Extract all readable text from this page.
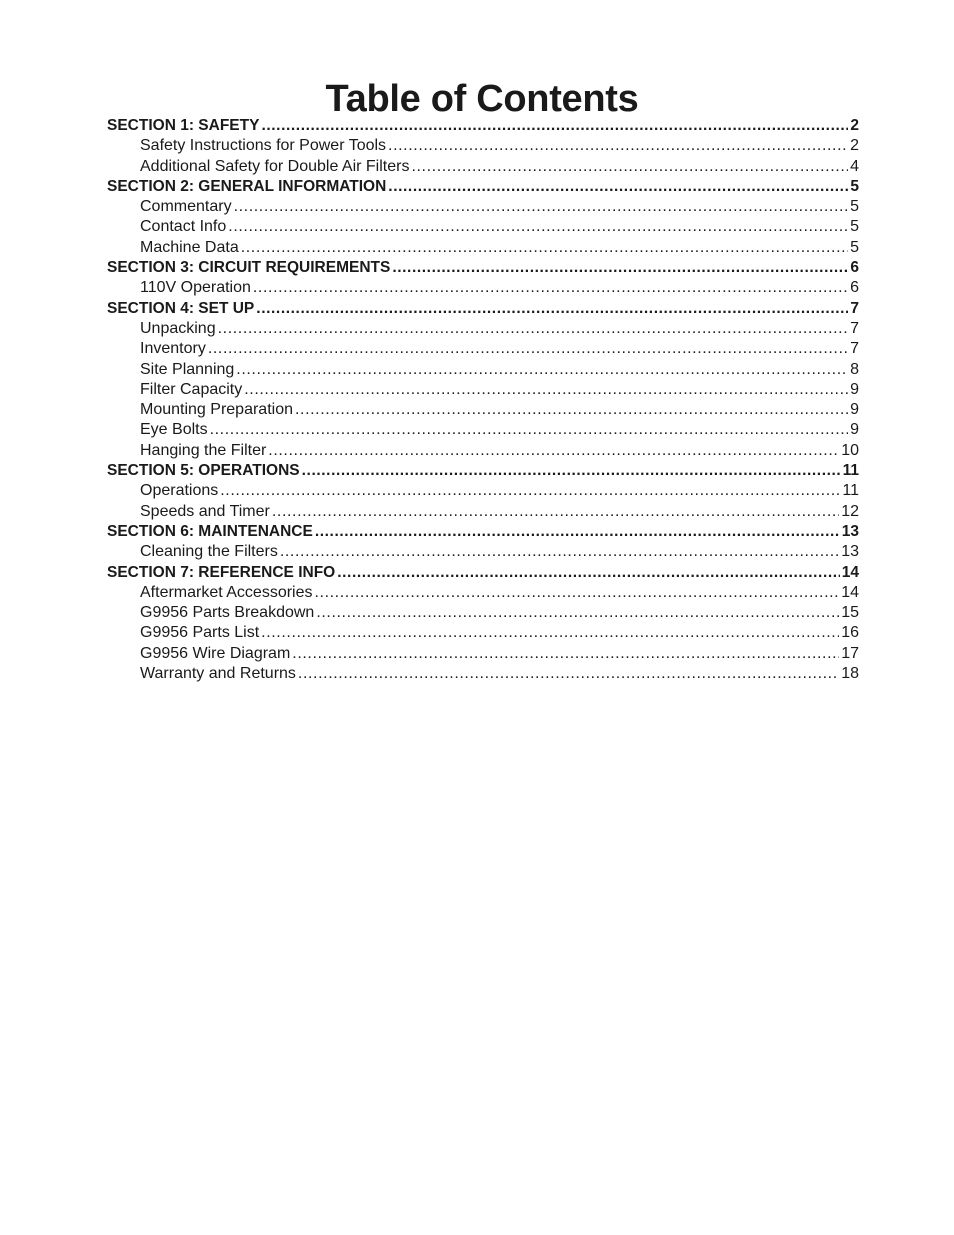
Table of Contents
SECTION 1: SAFETY .....	2
Safety Instructions for Power Tools .....	2
Additional Safety for Double Air Filters .....	4
SECTION 2: GENERAL INFORMATION .....	5
Commentary .....	5
Contact Info .....	5
Machine Data .....	5
SECTION 3: CIRCUIT REQUIREMENTS .....	6
110V Operation .....	6
SECTION 4: SET UP .....	7
Unpacking .....	7
Inventory .....	7
Site Planning .....	8
Filter Capacity .....	9
Mounting Preparation .....	9
Eye Bolts .....	9
Hanging the Filter .....	10
SECTION 5: OPERATIONS .....	11
Operations .....	11
Speeds and Timer .....	12
SECTION 6: MAINTENANCE .....	13
Cleaning the Filters .....	13
SECTION 7: REFERENCE INFO .....	14
Aftermarket Accessories .....	14
G9956 Parts Breakdown .....	15
G9956 Parts List .....	16
G9956 Wire Diagram .....	17
Warranty and Returns .....	18
